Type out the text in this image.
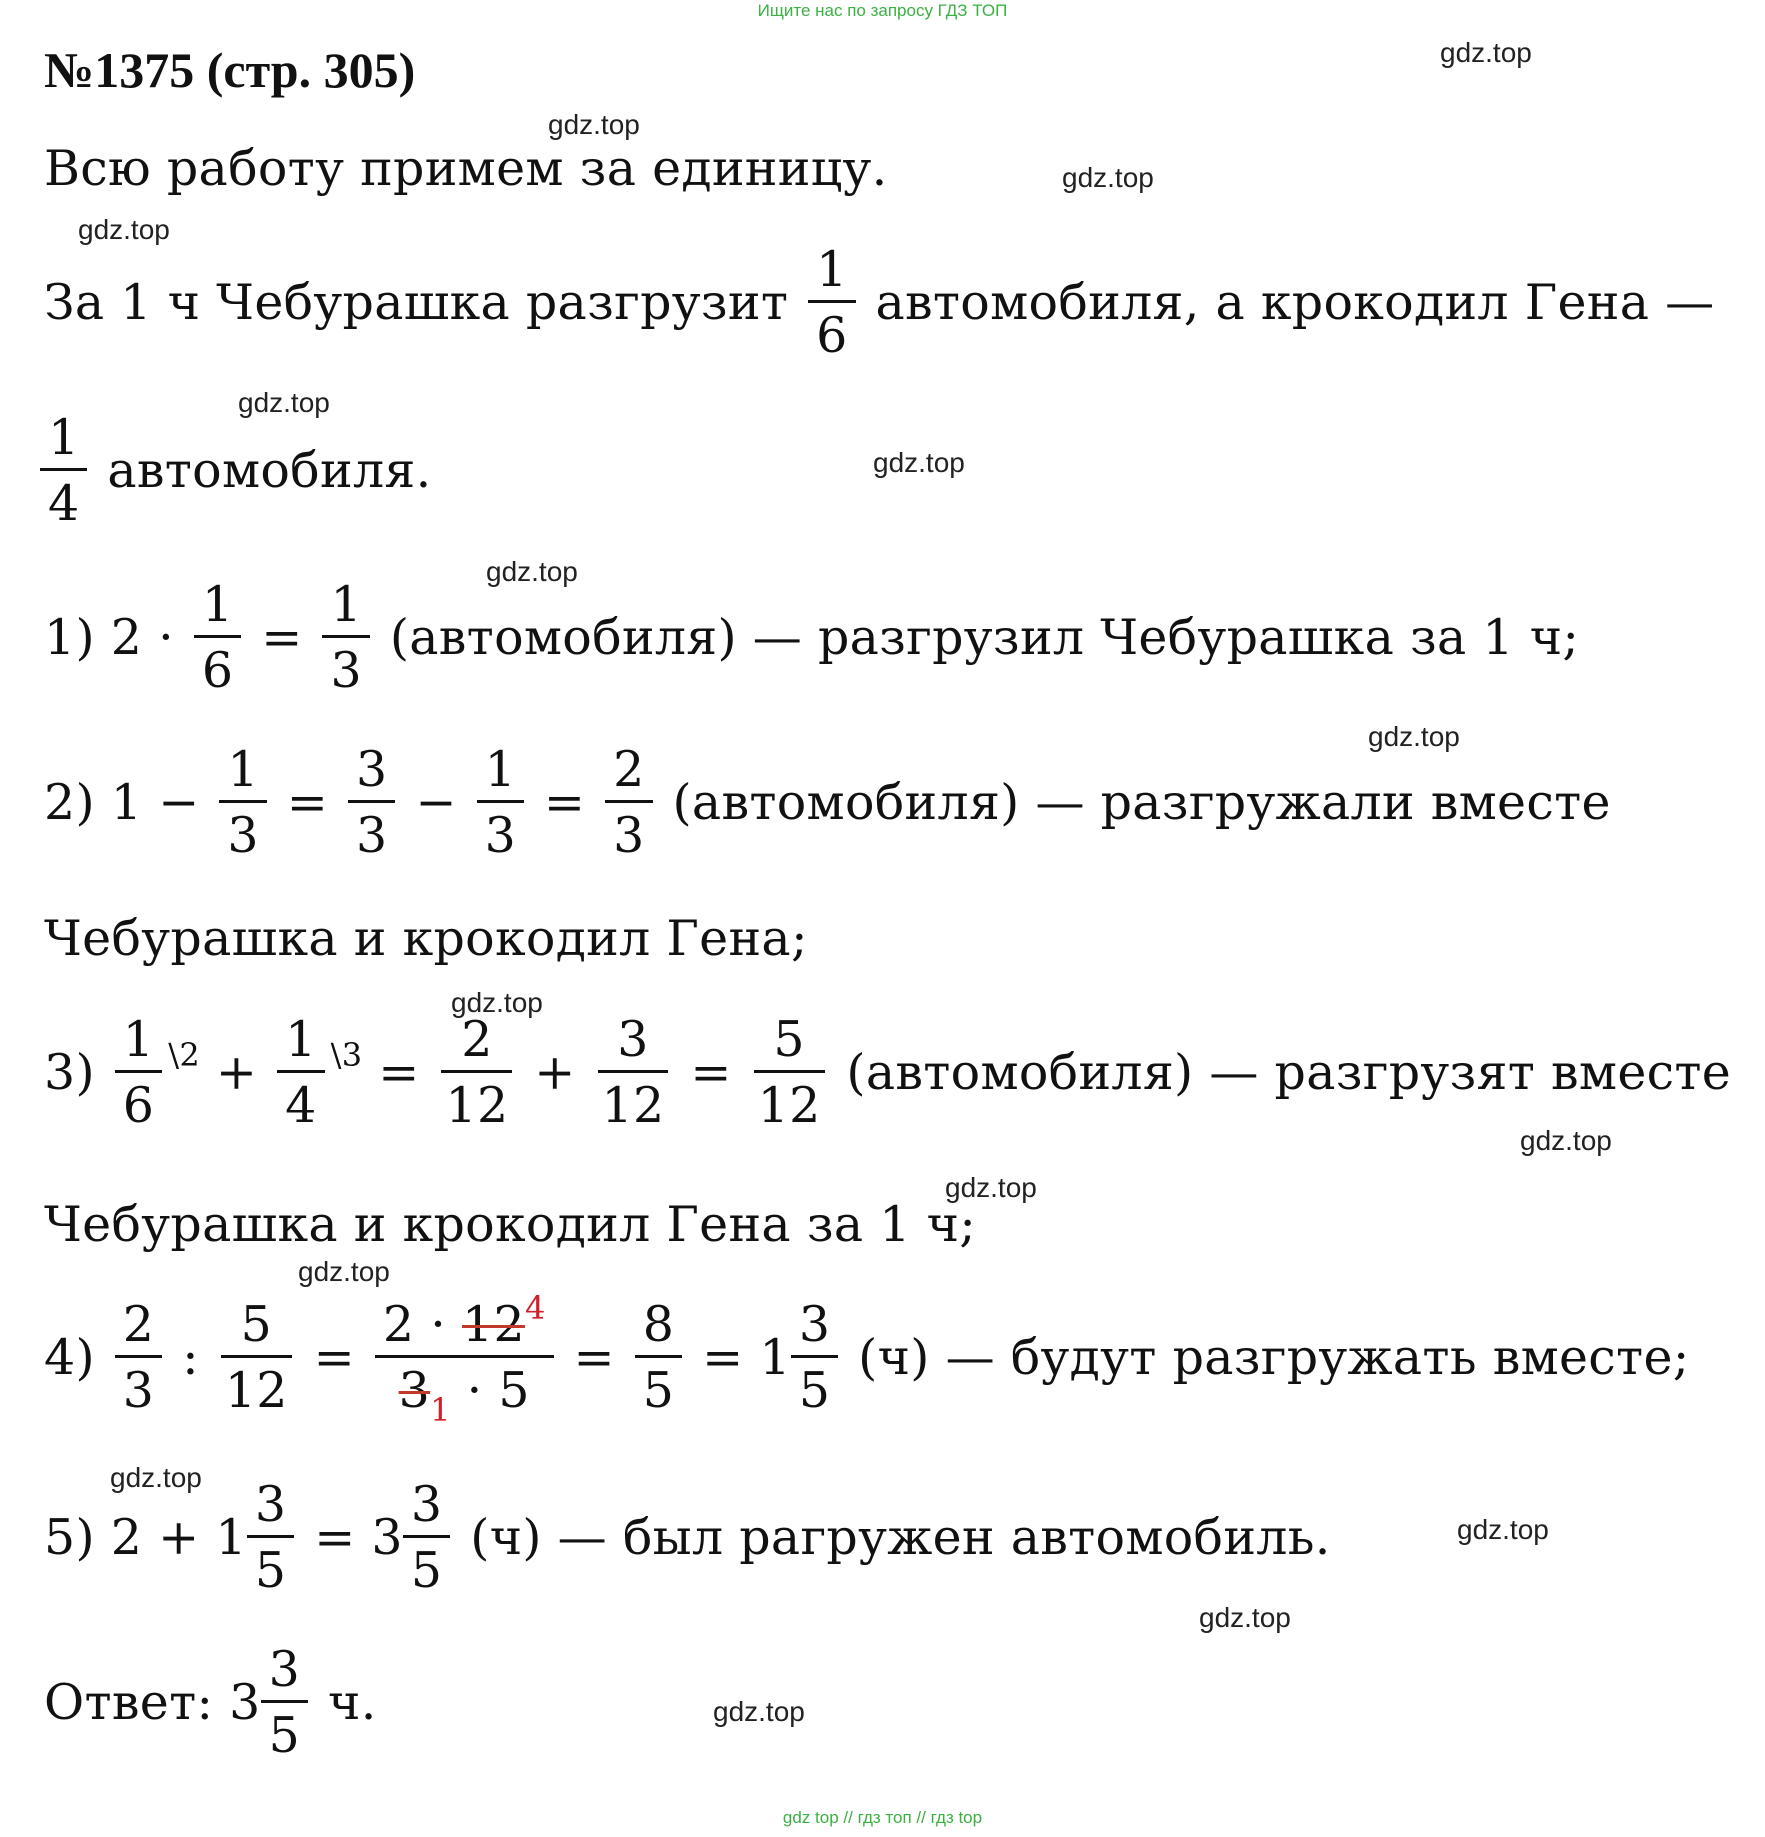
Ищите нас по запросу ГДЗ ТОП
№1375 (стр. 305)	gdz.top
gdz.top
gdz.top
gdz.top
gdz.top
gdz.top
gdz.top
gdz.top
gdz.top
gdz.top
gdz.top
gdz.top
gdz.top
gdz.top
gdz.top
gdz.top
Всю работу примем за единицу.
За 1 ч Чебурашка разгрузит $\frac{1}{6}$ автомобиля, а крокодил Гена —
$\frac{1}{4}$ автомобиля.
1) $2 \cdot \frac{1}{6} = \frac{1}{3}$ (автомобиля) — разгрузил Чебурашка за 1 ч;
2) $1 - \frac{1}{3} = \frac{3}{3} - \frac{1}{3} = \frac{2}{3}$ (автомобиля) — разгружали вместе
Чебурашка и крокодил Гена;
$3) \frac{1}{6}$ \2 + $\frac{1}{4}$ \3 = $\frac{2}{12} + \frac{3}{12} = \frac{5}{12}$ (автомобиля) — разгрузят вместе
Чебурашка и крокодил Гена за 1 ч;
$4) \frac{2}{3}$ : $\frac{5}{12} = \frac{2 \cdot 12^4}{3_1 \cdot 5} = \frac{8}{5} = 1 \frac{3}{5} (ч)$ — будут разгружать вместе;
5) $2 + 1 \frac{3}{5} = 3 \frac{3}{5} (ч)$ — был рагружен автомобиль.
Ответ: $3 \frac{3}{5} ч$.
gdz top // гдз топ // гдз top
